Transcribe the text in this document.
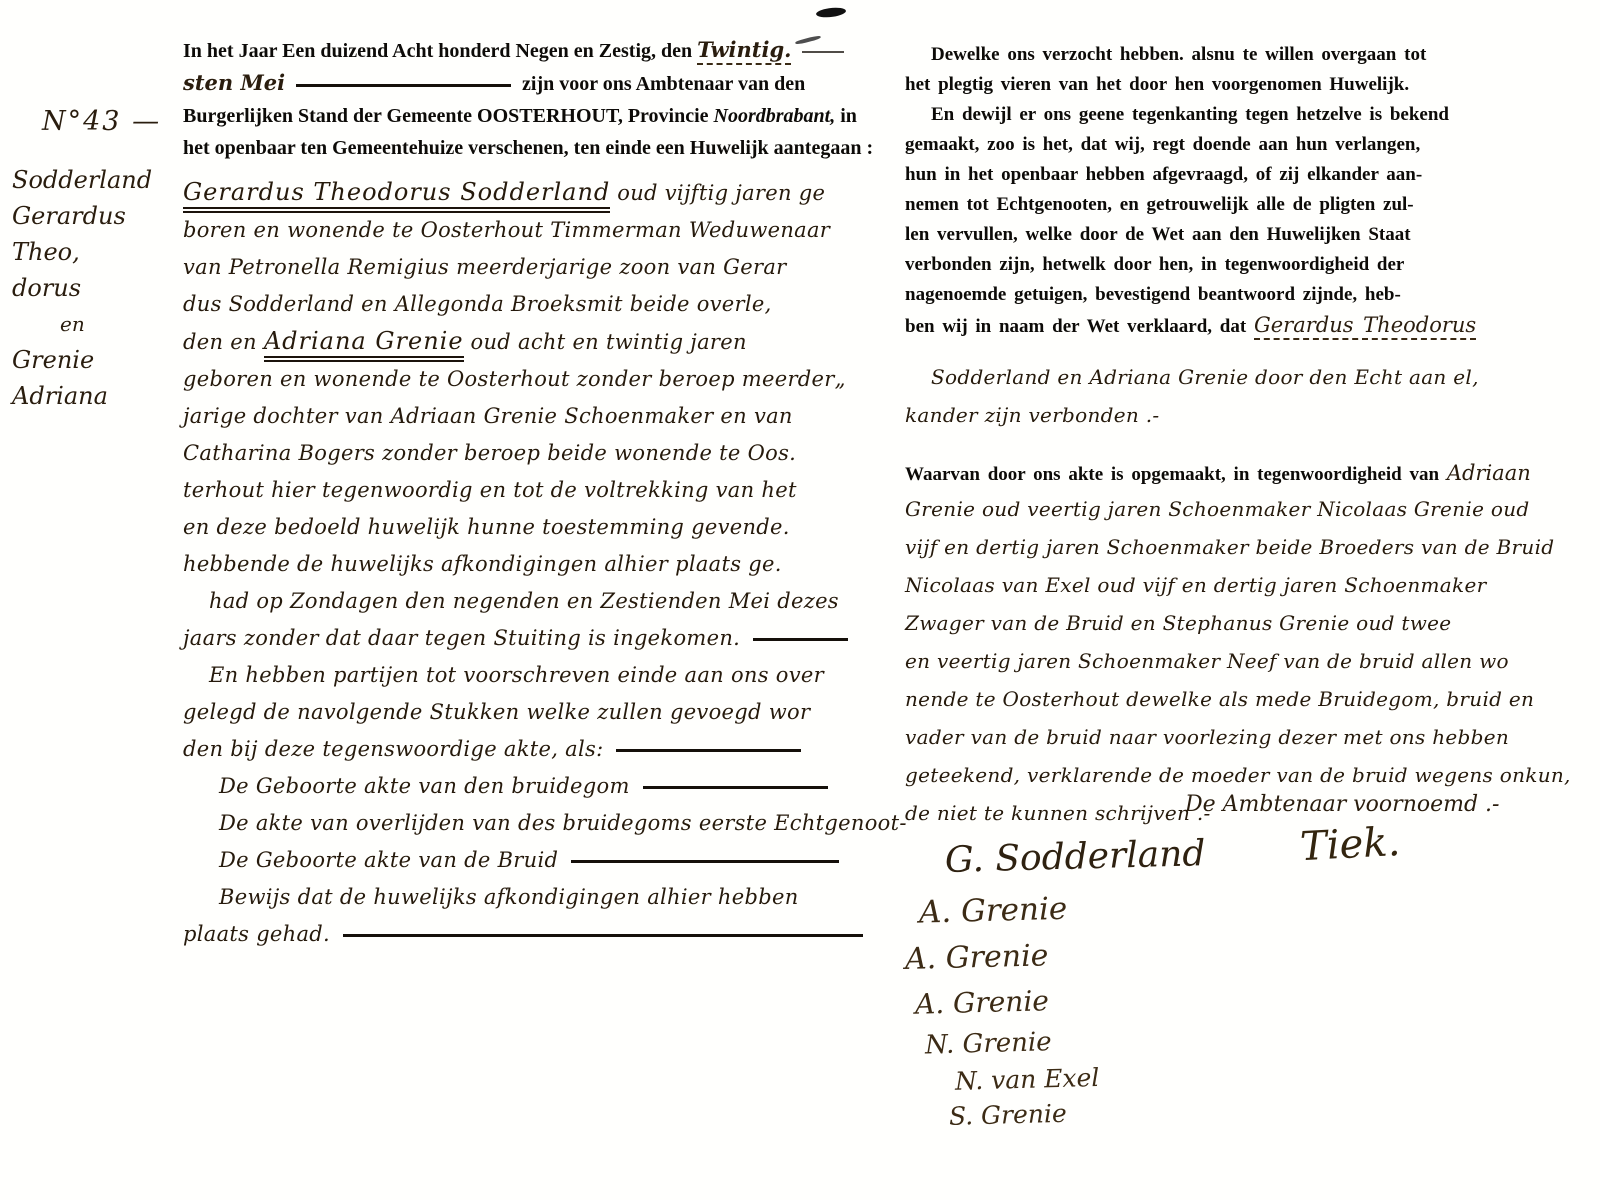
N°43 —
Sodderland
Gerardus Theo,
dorus
en
Grenie
Adriana
In het Jaar Een duizend Acht honderd Negen en Zestig, den Twintig.
sten Mei	zijn voor ons Ambtenaar van den
Burgerlijken Stand der Gemeente OOSTERHOUT, Provincie Noordbrabant, in
het openbaar ten Gemeentehuize verschenen, ten einde een Huwelijk aantegaan :
Gerardus Theodorus Sodderland oud vijftig jaren ge
boren en wonende te Oosterhout Timmerman Weduwenaar
van Petronella Remigius meerderjarige zoon van Gerar
dus Sodderland en Allegonda Broeksmit beide overle,
den en Adriana Grenie oud acht en twintig jaren
geboren en wonende te Oosterhout zonder beroep meerder„
jarige dochter van Adriaan Grenie Schoenmaker en van
Catharina Bogers zonder beroep beide wonende te Oos.
terhout hier tegenwoordig en tot de voltrekking van het
en deze bedoeld huwelijk hunne toestemming gevende.
hebbende de huwelijks afkondigingen alhier plaats ge.
had op Zondagen den negenden en Zestienden Mei dezes
jaars zonder dat daar tegen Stuiting is ingekomen.
En hebben partijen tot voorschreven einde aan ons over
gelegd de navolgende Stukken welke zullen gevoegd wor
den bij deze tegenswoordige akte, als:
De Geboorte akte van den bruidegom
De akte van overlijden van des bruidegoms eerste Echtgenoot-
De Geboorte akte van de Bruid
Bewijs dat de huwelijks afkondigingen alhier hebben
plaats gehad.
Dewelke ons verzocht hebben. alsnu te willen overgaan tot
het plegtig vieren van het door hen voorgenomen Huwelijk.
En dewijl er ons geene tegenkanting tegen hetzelve is bekend
gemaakt, zoo is het, dat wij, regt doende aan hun verlangen,
hun in het openbaar hebben afgevraagd, of zij elkander aan-
nemen tot Echtgenooten, en getrouwelijk alle de pligten zul-
len vervullen, welke door de Wet aan den Huwelijken Staat
verbonden zijn, hetwelk door hen, in tegenwoordigheid der
nagenoemde getuigen, bevestigend beantwoord zijnde, heb-
ben wij in naam der Wet verklaard, dat Gerardus Theodorus
Sodderland en Adriana Grenie door den Echt aan el,
kander zijn verbonden .-
Waarvan door ons akte is opgemaakt, in tegenwoordigheid van Adriaan
Grenie oud veertig jaren Schoenmaker Nicolaas Grenie oud
vijf en dertig jaren Schoenmaker beide Broeders van de Bruid
Nicolaas van Exel oud vijf en dertig jaren Schoenmaker
Zwager van de Bruid en Stephanus Grenie oud twee
en veertig jaren Schoenmaker Neef van de bruid allen wo
nende te Oosterhout dewelke als mede Bruidegom, bruid en
vader van de bruid naar voorlezing dezer met ons hebben
geteekend, verklarende de moeder van de bruid wegens onkun,
de niet te kunnen schrijven .-
De Ambtenaar voornoemd .-
Tiek.
G. Sodderland
A. Grenie
A. Grenie
A. Grenie
N. Grenie
N. van Exel
S. Grenie
